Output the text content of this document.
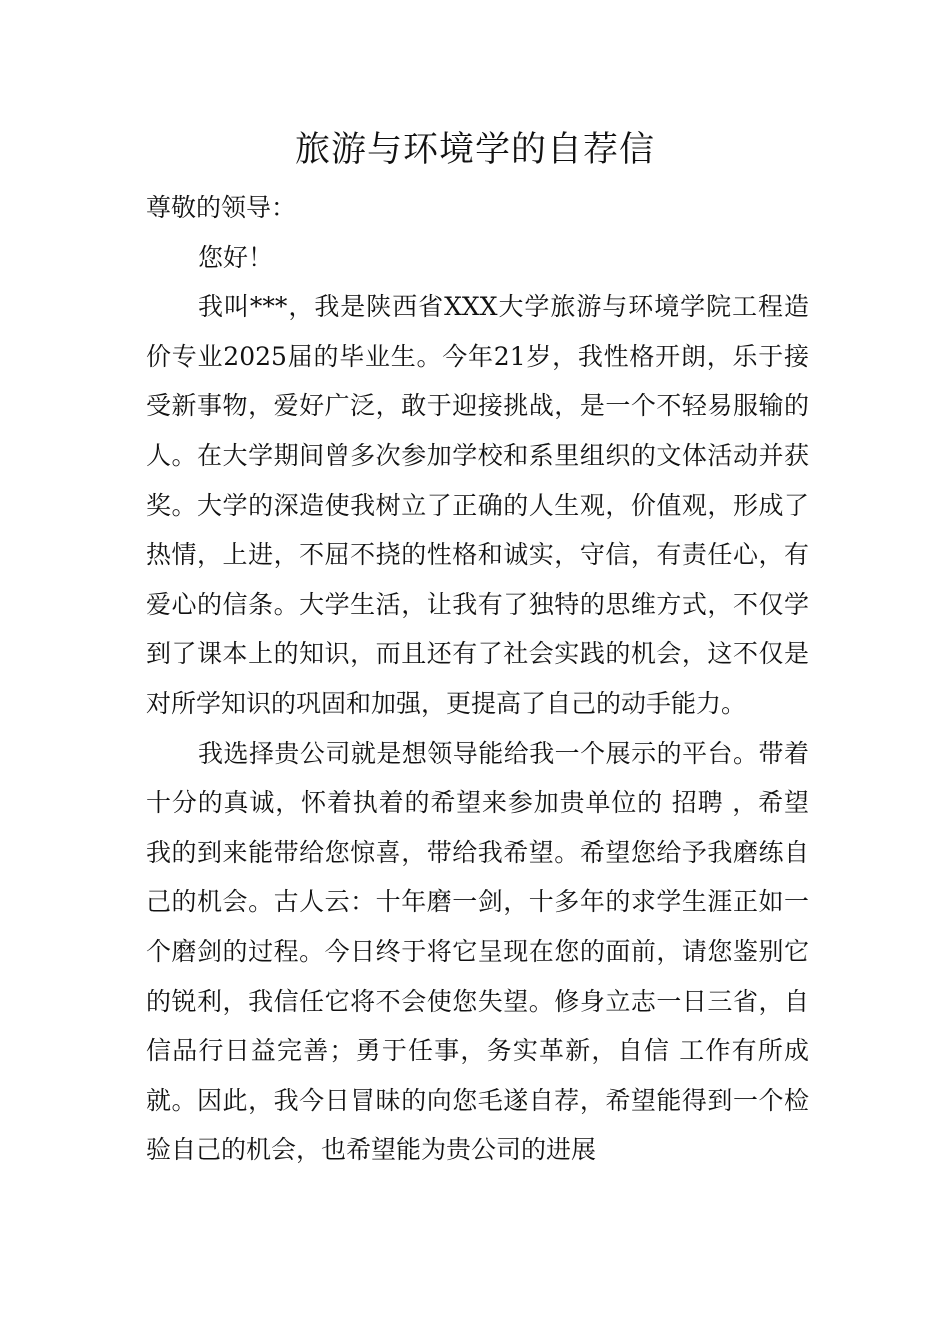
旅游与环境学的自荐信

尊敬的领导：

您好！

我叫***，我是陕西省XXX大学旅游与环境学院工程造价专业2025届的毕业生。今年21岁，我性格开朗，乐于接受新事物，爱好广泛，敢于迎接挑战，是一个不轻易服输的人。在大学期间曾多次参加学校和系里组织的文体活动并获奖。大学的深造使我树立了正确的人生观，价值观，形成了热情，上进，不屈不挠的性格和诚实，守信，有责任心，有爱心的信条。大学生活，让我有了独特的思维方式，不仅学到了课本上的知识，而且还有了社会实践的机会，这不仅是对所学知识的巩固和加强，更提高了自己的动手能力。

我选择贵公司就是想领导能给我一个展示的平台。带着十分的真诚，怀着执着的希望来参加贵单位的 招聘 ，希望我的到来能带给您惊喜，带给我希望。希望您给予我磨练自己的机会。古人云：十年磨一剑，十多年的求学生涯正如一个磨剑的过程。今日终于将它呈现在您的面前，请您鉴别它的锐利，我信任它将不会使您失望。修身立志一日三省，自信品行日益完善；勇于任事，务实革新，自信 工作有所成就。因此，我今日冒昧的向您毛遂自荐，希望能得到一个检验自己的机会，也希望能为贵公司的进展
